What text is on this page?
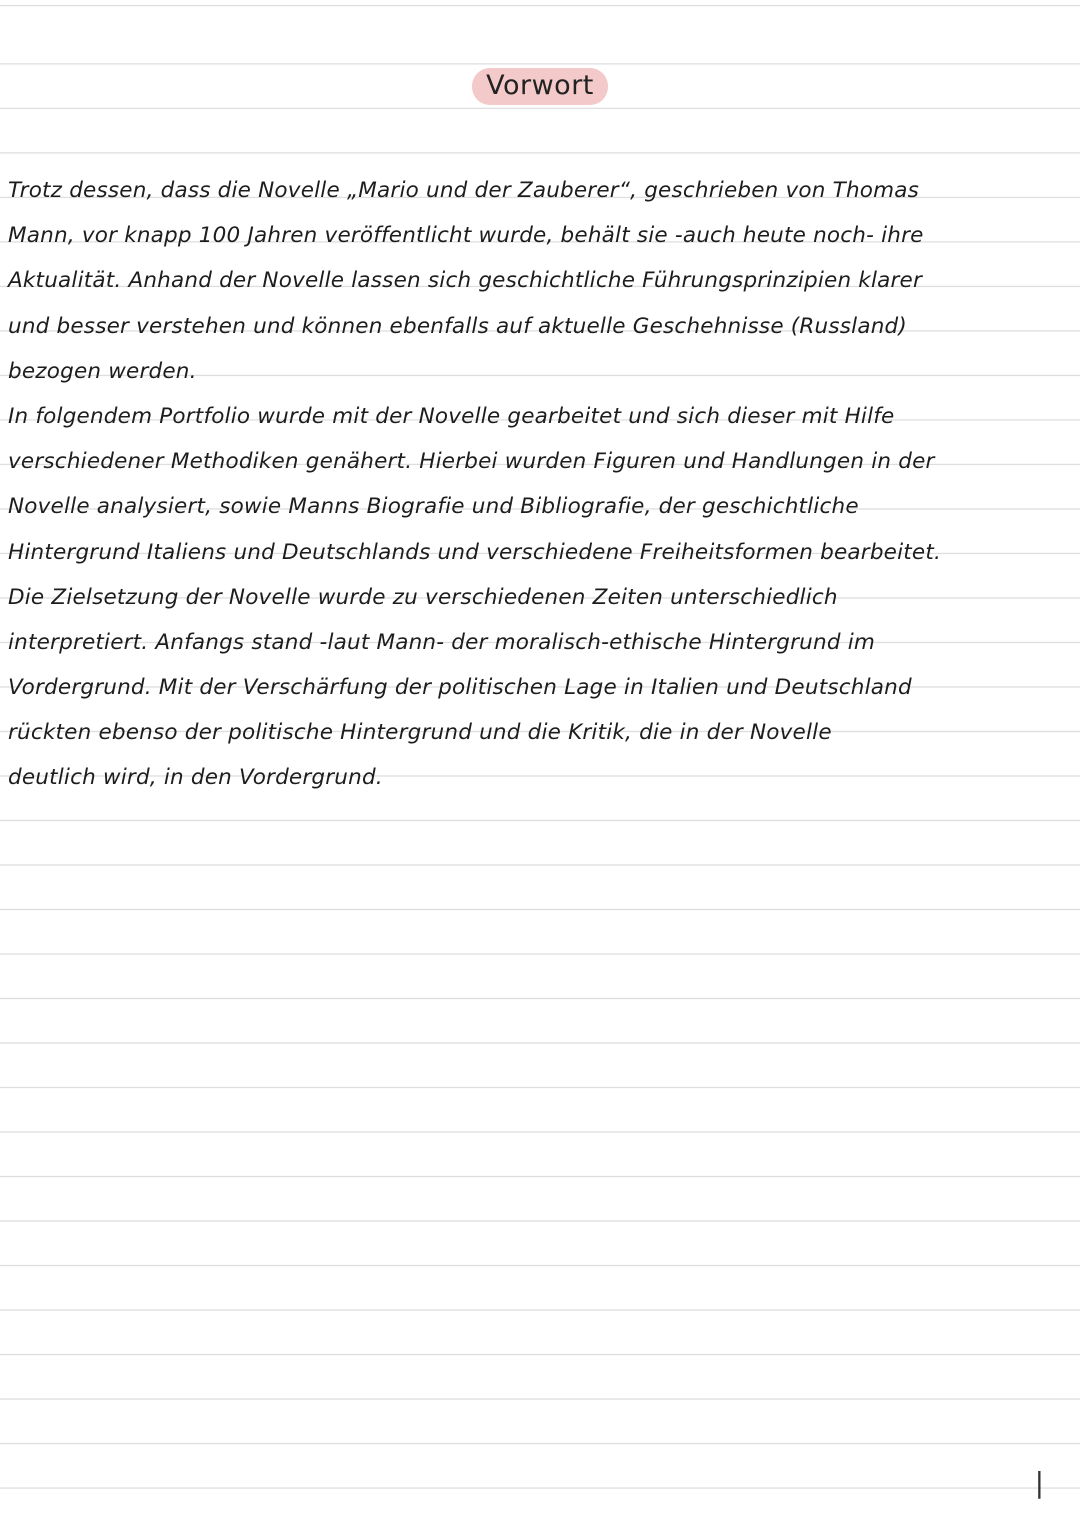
Vorwort
Trotz dessen, dass die Novelle „Mario und der Zauberer“, geschrieben von Thomas
Mann, vor knapp 100 Jahren veröffentlicht wurde, behält sie -auch heute noch- ihre
Aktualität. Anhand der Novelle lassen sich geschichtliche Führungsprinzipien klarer
und besser verstehen und können ebenfalls auf aktuelle Geschehnisse (Russland)
bezogen werden.
In folgendem Portfolio wurde mit der Novelle gearbeitet und sich dieser mit Hilfe
verschiedener Methodiken genähert. Hierbei wurden Figuren und Handlungen in der
Novelle analysiert, sowie Manns Biografie und Bibliografie, der geschichtliche
Hintergrund Italiens und Deutschlands und verschiedene Freiheitsformen bearbeitet.
Die Zielsetzung der Novelle wurde zu verschiedenen Zeiten unterschiedlich
interpretiert. Anfangs stand -laut Mann- der moralisch-ethische Hintergrund im
Vordergrund. Mit der Verschärfung der politischen Lage in Italien und Deutschland
rückten ebenso der politische Hintergrund und die Kritik, die in der Novelle
deutlich wird, in den Vordergrund.
|
